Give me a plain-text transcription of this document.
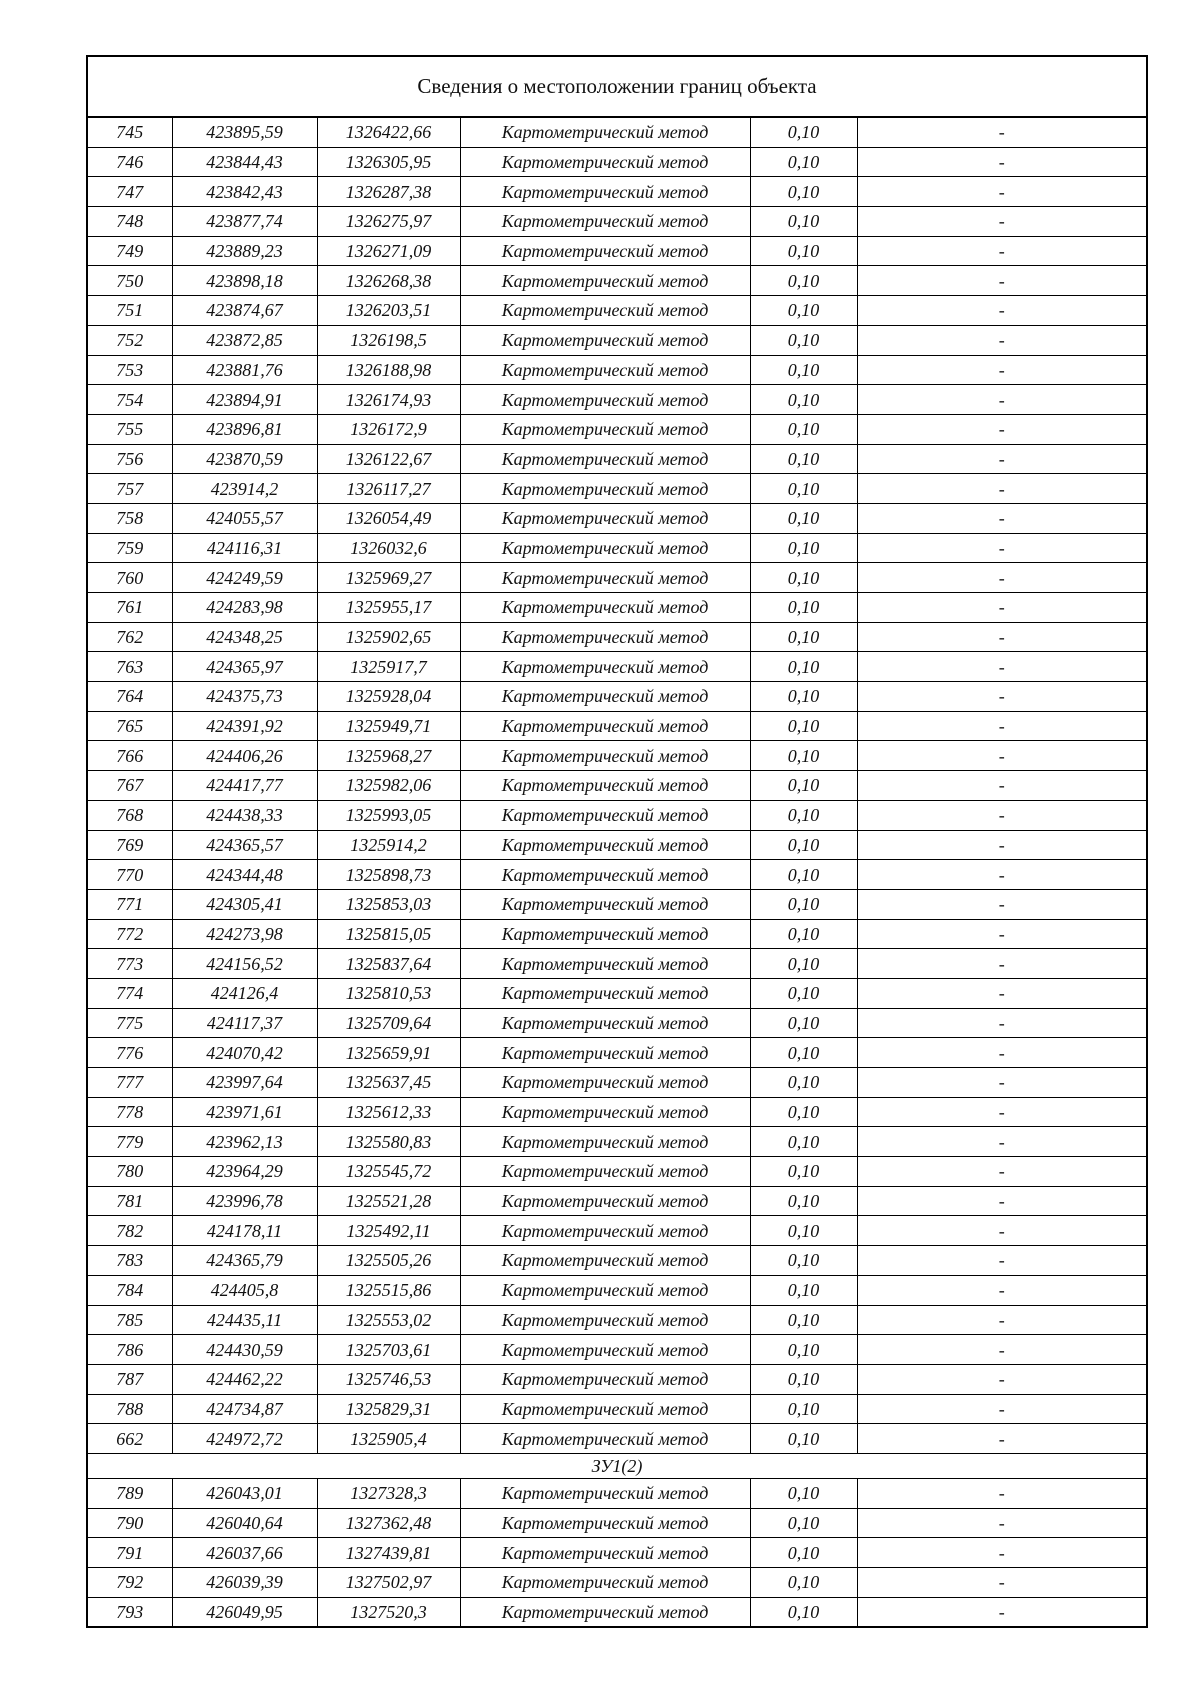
Сведения о местоположении границ объекта
745	423895,59	1326422,66	Картометрический метод	0,10	-
746	423844,43	1326305,95	Картометрический метод	0,10	-
747	423842,43	1326287,38	Картометрический метод	0,10	-
748	423877,74	1326275,97	Картометрический метод	0,10	-
749	423889,23	1326271,09	Картометрический метод	0,10	-
750	423898,18	1326268,38	Картометрический метод	0,10	-
751	423874,67	1326203,51	Картометрический метод	0,10	-
752	423872,85	1326198,5	Картометрический метод	0,10	-
753	423881,76	1326188,98	Картометрический метод	0,10	-
754	423894,91	1326174,93	Картометрический метод	0,10	-
755	423896,81	1326172,9	Картометрический метод	0,10	-
756	423870,59	1326122,67	Картометрический метод	0,10	-
757	423914,2	1326117,27	Картометрический метод	0,10	-
758	424055,57	1326054,49	Картометрический метод	0,10	-
759	424116,31	1326032,6	Картометрический метод	0,10	-
760	424249,59	1325969,27	Картометрический метод	0,10	-
761	424283,98	1325955,17	Картометрический метод	0,10	-
762	424348,25	1325902,65	Картометрический метод	0,10	-
763	424365,97	1325917,7	Картометрический метод	0,10	-
764	424375,73	1325928,04	Картометрический метод	0,10	-
765	424391,92	1325949,71	Картометрический метод	0,10	-
766	424406,26	1325968,27	Картометрический метод	0,10	-
767	424417,77	1325982,06	Картометрический метод	0,10	-
768	424438,33	1325993,05	Картометрический метод	0,10	-
769	424365,57	1325914,2	Картометрический метод	0,10	-
770	424344,48	1325898,73	Картометрический метод	0,10	-
771	424305,41	1325853,03	Картометрический метод	0,10	-
772	424273,98	1325815,05	Картометрический метод	0,10	-
773	424156,52	1325837,64	Картометрический метод	0,10	-
774	424126,4	1325810,53	Картометрический метод	0,10	-
775	424117,37	1325709,64	Картометрический метод	0,10	-
776	424070,42	1325659,91	Картометрический метод	0,10	-
777	423997,64	1325637,45	Картометрический метод	0,10	-
778	423971,61	1325612,33	Картометрический метод	0,10	-
779	423962,13	1325580,83	Картометрический метод	0,10	-
780	423964,29	1325545,72	Картометрический метод	0,10	-
781	423996,78	1325521,28	Картометрический метод	0,10	-
782	424178,11	1325492,11	Картометрический метод	0,10	-
783	424365,79	1325505,26	Картометрический метод	0,10	-
784	424405,8	1325515,86	Картометрический метод	0,10	-
785	424435,11	1325553,02	Картометрический метод	0,10	-
786	424430,59	1325703,61	Картометрический метод	0,10	-
787	424462,22	1325746,53	Картометрический метод	0,10	-
788	424734,87	1325829,31	Картометрический метод	0,10	-
662	424972,72	1325905,4	Картометрический метод	0,10	-
ЗУ1(2)					
789	426043,01	1327328,3	Картометрический метод	0,10	-
790	426040,64	1327362,48	Картометрический метод	0,10	-
791	426037,66	1327439,81	Картометрический метод	0,10	-
792	426039,39	1327502,97	Картометрический метод	0,10	-
793	426049,95	1327520,3	Картометрический метод	0,10	-
